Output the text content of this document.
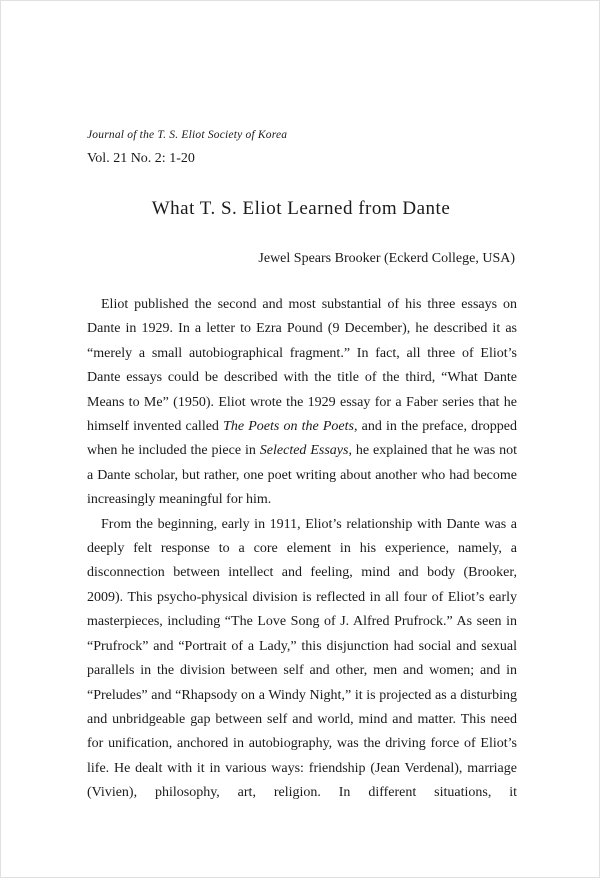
Journal of the T. S. Eliot Society of Korea
Vol. 21 No. 2: 1-20
What T. S. Eliot Learned from Dante
Jewel Spears Brooker (Eckerd College, USA)

Eliot published the second and most substantial of his three essays on Dante in 1929. In a letter to Ezra Pound (9 December), he described it as “merely a small autobiographical fragment.” In fact, all three of Eliot’s Dante essays could be described with the title of the third, “What Dante Means to Me” (1950). Eliot wrote the 1929 essay for a Faber series that he himself invented called The Poets on the Poets, and in the preface, dropped when he included the piece in Selected Essays, he explained that he was not a Dante scholar, but rather, one poet writing about another who had become increasingly meaningful for him.

From the beginning, early in 1911, Eliot’s relationship with Dante was a deeply felt response to a core element in his experience, namely, a disconnection between intellect and feeling, mind and body (Brooker, 2009). This psycho-physical division is reflected in all four of Eliot’s early masterpieces, including “The Love Song of J. Alfred Prufrock.” As seen in “Prufrock” and “Portrait of a Lady,” this disjunction had social and sexual parallels in the division between self and other, men and women; and in “Preludes” and “Rhapsody on a Windy Night,” it is projected as a disturbing and unbridgeable gap between self and world, mind and matter. This need for unification, anchored in autobiography, was the driving force of Eliot’s life. He dealt with it in various ways: friendship (Jean Verdenal), marriage (Vivien), philosophy, art, religion. In different situations, it
